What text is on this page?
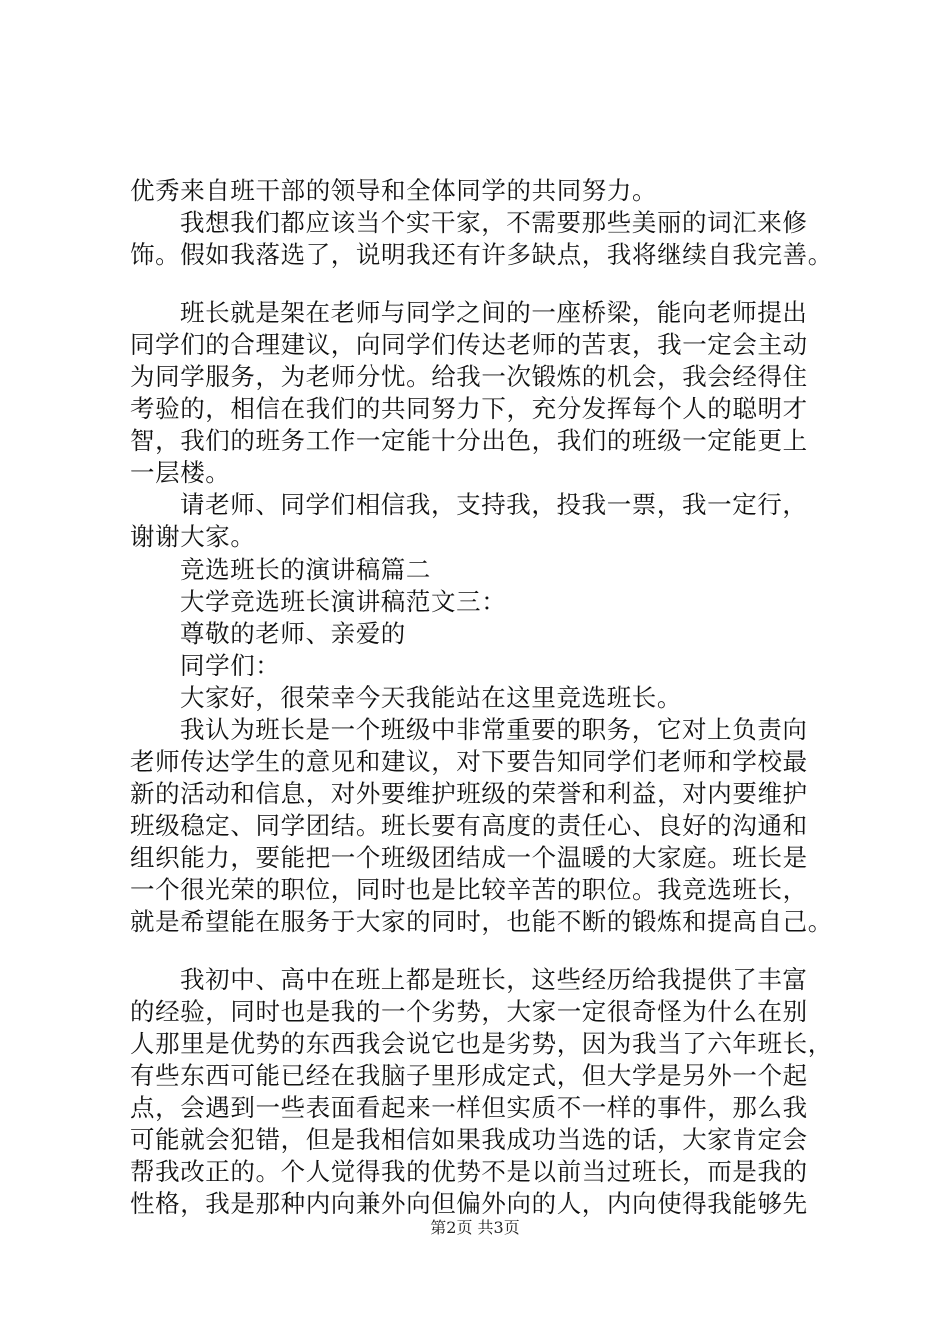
优秀来自班干部的领导和全体同学的共同努力。
我想我们都应该当个实干家，不需要那些美丽的词汇来修
饰。假如我落选了，说明我还有许多缺点，我将继续自我完善。
班长就是架在老师与同学之间的一座桥梁，能向老师提出
同学们的合理建议，向同学们传达老师的苦衷，我一定会主动
为同学服务，为老师分忧。给我一次锻炼的机会，我会经得住
考验的，相信在我们的共同努力下，充分发挥每个人的聪明才
智，我们的班务工作一定能十分出色，我们的班级一定能更上
一层楼。
请老师、同学们相信我，支持我，投我一票，我一定行，
谢谢大家。
竞选班长的演讲稿篇二
大学竞选班长演讲稿范文三：
尊敬的老师、亲爱的
同学们：
大家好，很荣幸今天我能站在这里竞选班长。
我认为班长是一个班级中非常重要的职务，它对上负责向
老师传达学生的意见和建议，对下要告知同学们老师和学校最
新的活动和信息，对外要维护班级的荣誉和利益，对内要维护
班级稳定、同学团结。班长要有高度的责任心、良好的沟通和
组织能力，要能把一个班级团结成一个温暖的大家庭。班长是
一个很光荣的职位，同时也是比较辛苦的职位。我竞选班长，
就是希望能在服务于大家的同时，也能不断的锻炼和提高自己。
我初中、高中在班上都是班长，这些经历给我提供了丰富
的经验，同时也是我的一个劣势，大家一定很奇怪为什么在别
人那里是优势的东西我会说它也是劣势，因为我当了六年班长，
有些东西可能已经在我脑子里形成定式，但大学是另外一个起
点，会遇到一些表面看起来一样但实质不一样的事件，那么我
可能就会犯错，但是我相信如果我成功当选的话，大家肯定会
帮我改正的。个人觉得我的优势不是以前当过班长，而是我的
性格，我是那种内向兼外向但偏外向的人，内向使得我能够先
第2页 共3页
